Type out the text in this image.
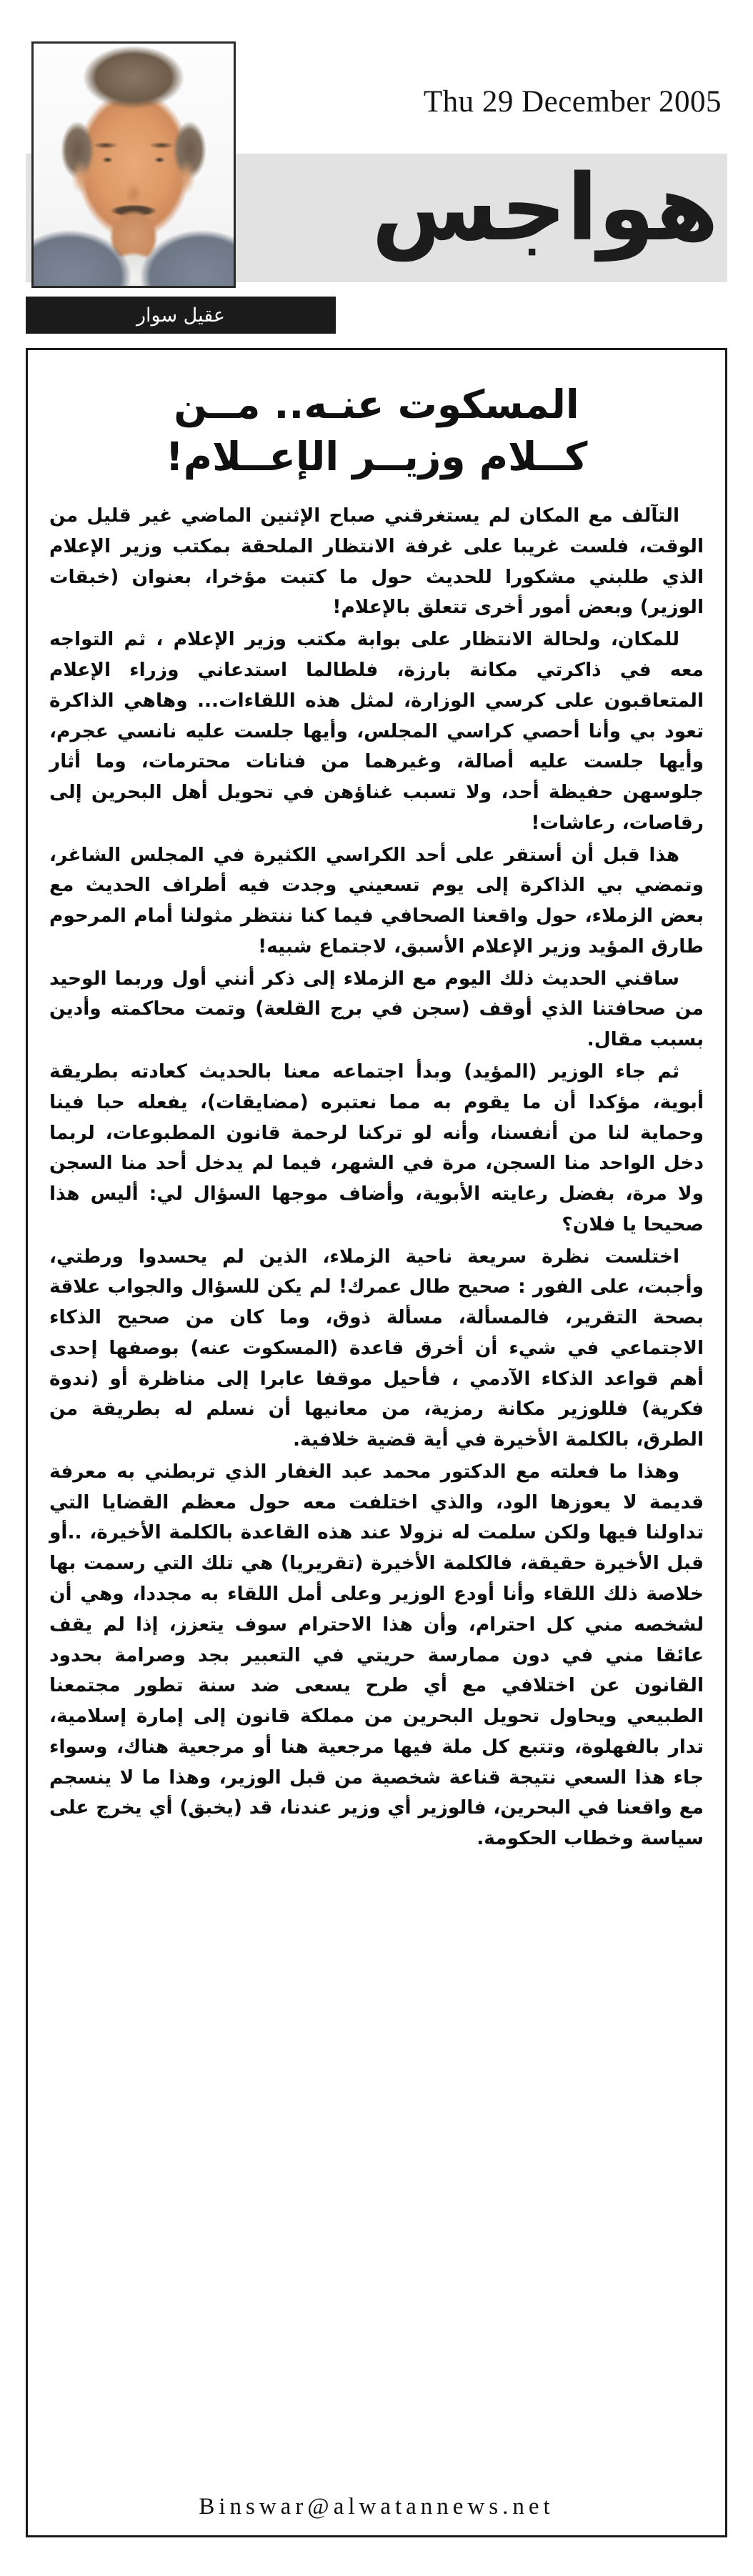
Thu 29 December 2005
هواجس
عقيل سوار
المسكوت عنـه.. مــن
كــلام وزيــر الإعــلام!

التآلف مع المكان لم يستغرقني صباح الإثنين الماضي غير قليل من الوقت، فلست غريبا على غرفة الانتظار الملحقة بمكتب وزير الإعلام الذي طلبني مشكورا للحديث حول ما كتبت مؤخرا، بعنوان (خبقات الوزير) وبعض أمور أخرى تتعلق بالإعلام!

للمكان، ولحالة الانتظار على بوابة مكتب وزير الإعلام ، ثم التواجه معه في ذاكرتي مكانة بارزة، فلطالما استدعاني وزراء الإعلام المتعاقبون على كرسي الوزارة، لمثل هذه اللقاءات... وهاهي الذاكرة تعود بي وأنا أحصي كراسي المجلس، وأيها جلست عليه نانسي عجرم، وأيها جلست عليه أصالة، وغيرهما من فنانات محترمات، وما أثار جلوسهن حفيظة أحد، ولا تسبب غناؤهن في تحويل أهل البحرين إلى رقاصات، رعاشات!

هذا قبل أن أستقر على أحد الكراسي الكثيرة في المجلس الشاغر، وتمضي بي الذاكرة إلى يوم تسعيني وجدت فيه أطراف الحديث مع بعض الزملاء، حول واقعنا الصحافي فيما كنا ننتظر مثولنا أمام المرحوم طارق المؤيد وزير الإعلام الأسبق، لاجتماع شبيه!

ساقني الحديث ذلك اليوم مع الزملاء إلى ذكر أنني أول وربما الوحيد من صحافتنا الذي أوقف (سجن في برج القلعة) وتمت محاكمته وأدين بسبب مقال.

ثم جاء الوزير (المؤيد) وبدأ اجتماعه معنا بالحديث كعادته بطريقة أبوية، مؤكدا أن ما يقوم به مما نعتبره (مضايقات)، يفعله حبا فينا وحماية لنا من أنفسنا، وأنه لو تركنا لرحمة قانون المطبوعات، لربما دخل الواحد منا السجن، مرة في الشهر، فيما لم يدخل أحد منا السجن ولا مرة، بفضل رعايته الأبوية، وأضاف موجها السؤال لي: أليس هذا صحيحا يا فلان؟

اختلست نظرة سريعة ناحية الزملاء، الذين لم يحسدوا ورطتي، وأجبت، على الفور : صحيح طال عمرك! لم يكن للسؤال والجواب علاقة بصحة التقرير، فالمسألة، مسألة ذوق، وما كان من صحيح الذكاء الاجتماعي في شيء أن أخرق قاعدة (المسكوت عنه) بوصفها إحدى أهم قواعد الذكاء الآدمي ، فأحيل موقفا عابرا إلى مناظرة أو (ندوة فكرية) فللوزير مكانة رمزية، من معانيها أن نسلم له بطريقة من الطرق، بالكلمة الأخيرة في أية قضية خلافية.

وهذا ما فعلته مع الدكتور محمد عبد الغفار الذي تربطني به معرفة قديمة لا يعوزها الود، والذي اختلفت معه حول معظم القضايا التي تداولنا فيها ولكن سلمت له نزولا عند هذه القاعدة بالكلمة الأخيرة، ..أو قبل الأخيرة حقيقة، فالكلمة الأخيرة (تقريريا) هي تلك التي رسمت بها خلاصة ذلك اللقاء وأنا أودع الوزير وعلى أمل اللقاء به مجددا، وهي أن لشخصه مني كل احترام، وأن هذا الاحترام سوف يتعزز، إذا لم يقف عائقا مني في دون ممارسة حريتي في التعبير بجد وصرامة بحدود القانون عن اختلافي مع أي طرح يسعى ضد سنة تطور مجتمعنا الطبيعي ويحاول تحويل البحرين من مملكة قانون إلى إمارة إسلامية، تدار بالفهلوة، وتتبع كل ملة فيها مرجعية هنا أو مرجعية هناك، وسواء جاء هذا السعي نتيجة قناعة شخصية من قبل الوزير، وهذا ما لا ينسجم مع واقعنا في البحرين، فالوزير أي وزير عندنا، قد (يخبق) أي يخرج على سياسة وخطاب الحكومة.

Binswar@alwatannews.net
